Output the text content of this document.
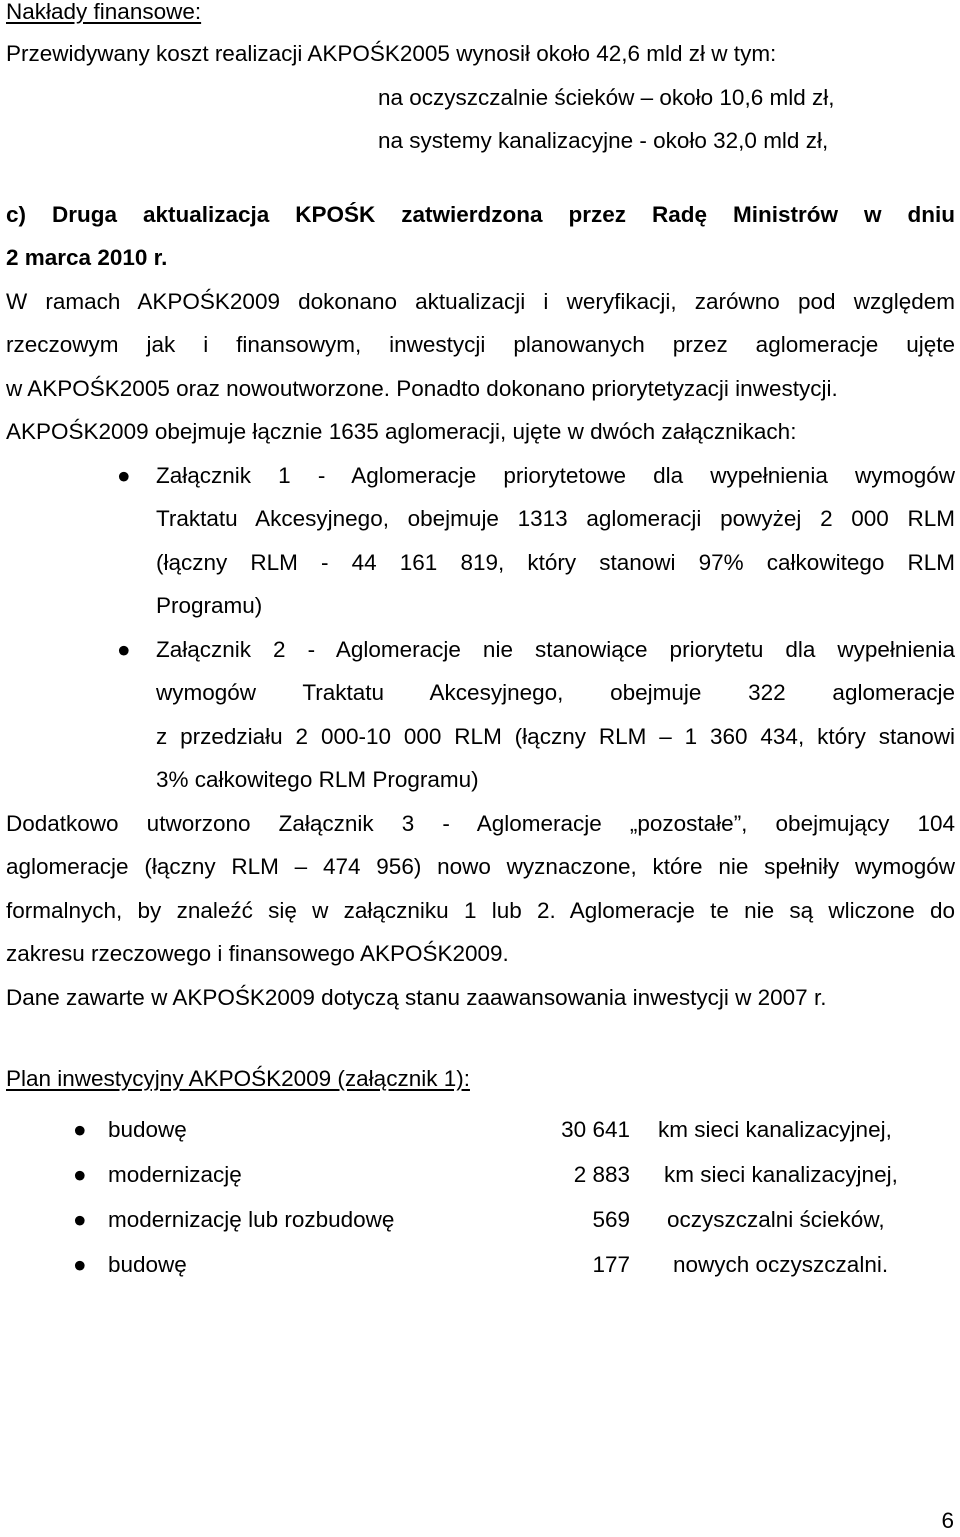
Nakłady finansowe:
Przewidywany koszt realizacji AKPOŚK2005 wynosił około 42,6 mld zł w tym:
na oczyszczalnie ścieków – około 10,6 mld zł,
na systemy kanalizacyjne - około 32,0 mld zł,
c) Druga aktualizacja KPOŚK zatwierdzona przez Radę Ministrów w dniu
2 marca 2010 r.
W ramach AKPOŚK2009 dokonano aktualizacji i weryfikacji, zarówno pod względem
rzeczowym jak i finansowym, inwestycji planowanych przez aglomeracje ujęte
w AKPOŚK2005 oraz nowoutworzone. Ponadto dokonano priorytetyzacji inwestycji.
AKPOŚK2009 obejmuje łącznie 1635 aglomeracji, ujęte w dwóch załącznikach:
● Załącznik 1 - Aglomeracje priorytetowe dla wypełnienia wymogów
Traktatu Akcesyjnego, obejmuje 1313 aglomeracji powyżej 2 000 RLM
(łączny RLM - 44 161 819, który stanowi 97% całkowitego RLM
Programu)
● Załącznik 2 - Aglomeracje nie stanowiące priorytetu dla wypełnienia
wymogów Traktatu Akcesyjnego, obejmuje 322 aglomeracje
z przedziału 2 000-10 000 RLM (łączny RLM – 1 360 434, który stanowi
3% całkowitego RLM Programu)
Dodatkowo utworzono Załącznik 3 - Aglomeracje „pozostałe”, obejmujący 104
aglomeracje (łączny RLM – 474 956) nowo wyznaczone, które nie spełniły wymogów
formalnych, by znaleźć się w załączniku 1 lub 2. Aglomeracje te nie są wliczone do
zakresu rzeczowego i finansowego AKPOŚK2009.
Dane zawarte w AKPOŚK2009 dotyczą stanu zaawansowania inwestycji w 2007 r.
Plan inwestycyjny AKPOŚK2009 (załącznik 1):
● budowę	30 641 km sieci kanalizacyjnej,
● modernizację	2 883 km sieci kanalizacyjnej,
● modernizację lub rozbudowę	569 oczyszczalni ścieków,
● budowę	177 nowych oczyszczalni.
6
